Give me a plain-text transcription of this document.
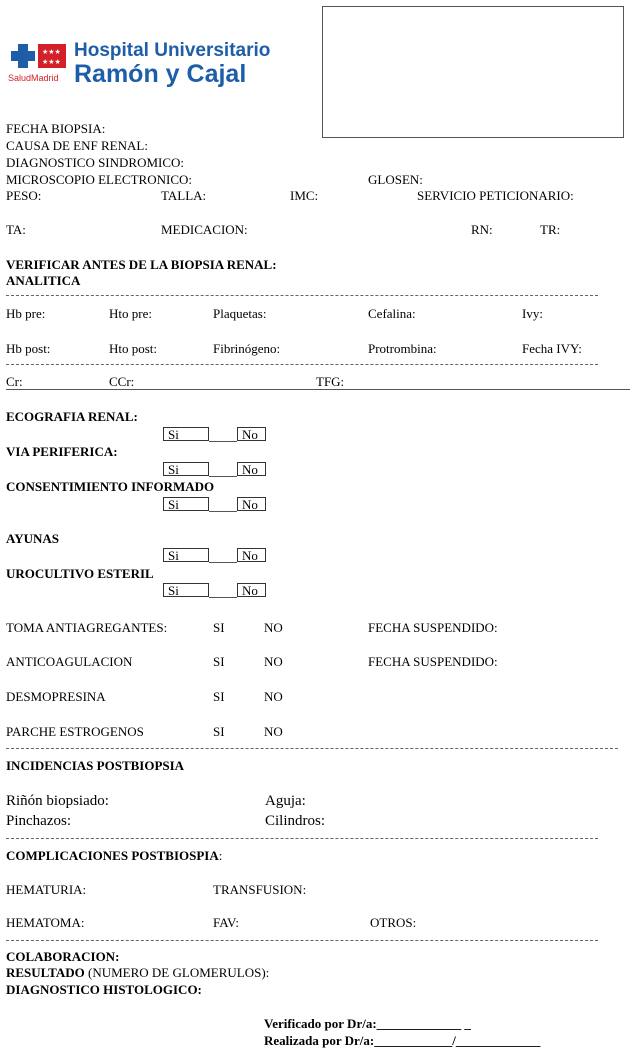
★★★
★★★
SaludMadrid
Hospital Universitario
Ramón y Cajal
FECHA BIOPSIA:
CAUSA DE ENF RENAL:
DIAGNOSTICO SINDROMICO:
MICROSCOPIO ELECTRONICO:	GLOSEN:
PESO:	TALLA:	IMC:	SERVICIO PETICIONARIO:
TA:	MEDICACION:	RN:	TR:
VERIFICAR ANTES DE LA BIOPSIA RENAL:
ANALITICA
Hb pre:	Hto pre:	Plaquetas:	Cefalina:	Ivy:
Hb post:	Hto post:	Fibrinógeno:	Protrombina:	Fecha IVY:
Cr:	CCr:	TFG:
ECOGRAFIA RENAL:
Si	No
VIA PERIFERICA:
Si	No
CONSENTIMIENTO INFORMADO
Si	No
AYUNAS
Si	No
UROCULTIVO ESTERIL
Si	No
TOMA ANTIAGREGANTES:	SI	NO	FECHA SUSPENDIDO:
ANTICOAGULACION	SI	NO	FECHA SUSPENDIDO:
DESMOPRESINA	SI	NO
PARCHE ESTROGENOS	SI	NO
INCIDENCIAS POSTBIOPSIA
Riñón biopsiado:	Aguja:
Pinchazos:	Cilindros:
COMPLICACIONES POSTBIOSPIA:
HEMATURIA:	TRANSFUSION:
HEMATOMA:	FAV:	OTROS:
COLABORACION:
RESULTADO (NUMERO DE GLOMERULOS):
DIAGNOSTICO HISTOLOGICO:
Verificado por Dr/a:_____________ _
Realizada por Dr/a:____________/_____________
